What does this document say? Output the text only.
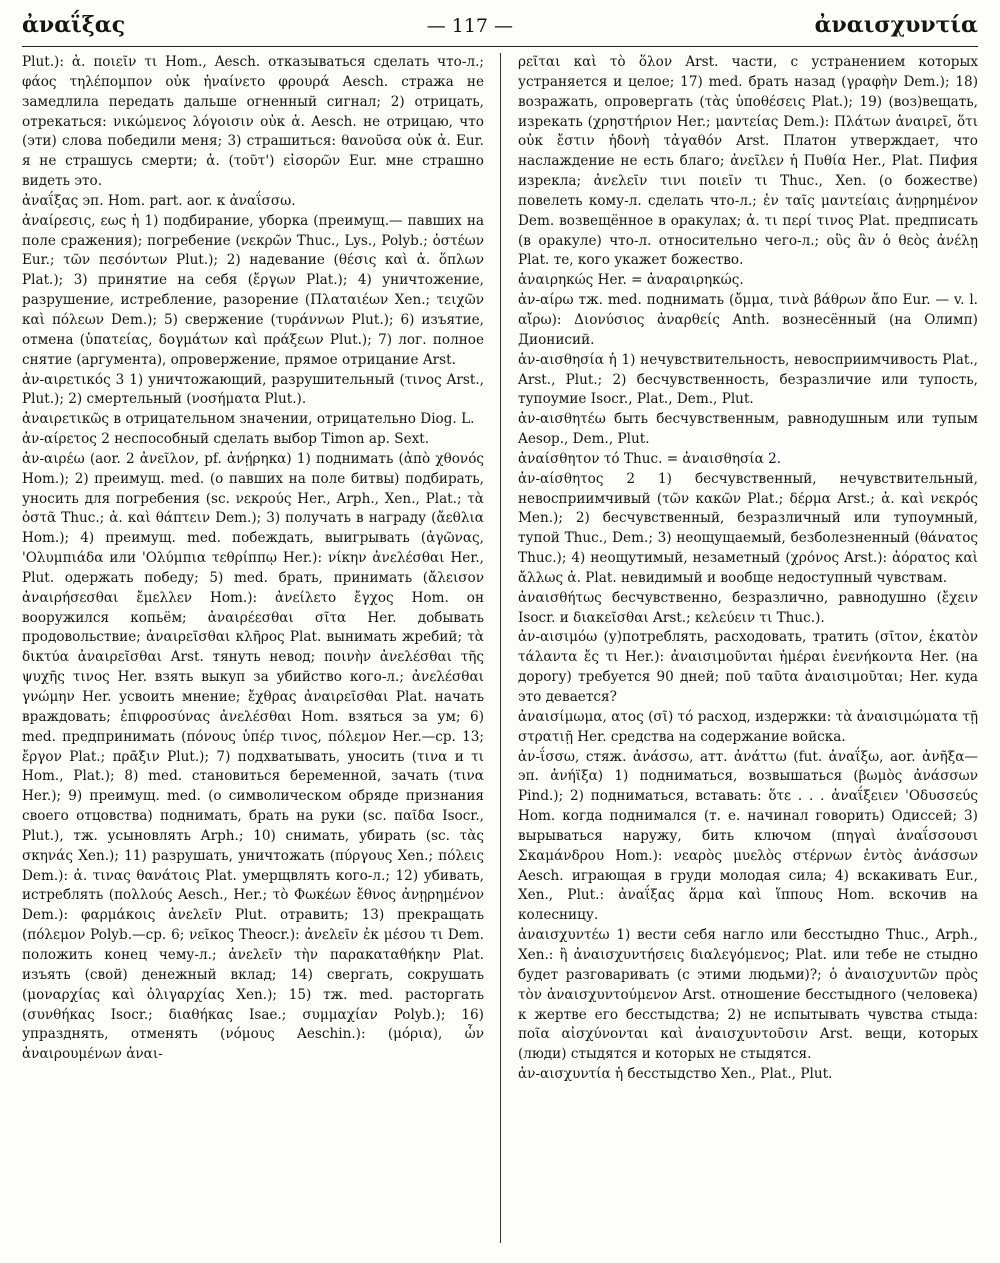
ἀναΐξας	— 117 —	ἀναισχυντία

Plut.): ἀ. ποιεῖν τι Hom., Aesch. отказываться сделать что-л.; φάος τηλέπομπον οὐκ ἠναίνετο φρουρά Aesch. стража не замедлила передать дальше огненный сигнал; 2) отрицать, отрекаться: νικώμενος λόγοισιν οὐκ ἀ. Aesch. не отрицаю, что (эти) слова победили меня; 3) страшиться: θανοῦσα οὐκ ἀ. Eur. я не страшусь смерти; ἀ. (τοῦτ') εἰσορῶν Eur. мне страшно видеть это.

ἀναΐξας эп. Hom. part. aor. к ἀναΐσσω.

ἀναίρεσις, εως ἡ 1) подбирание, уборка (преимущ.— павших на поле сражения); погребение (νεκρῶν Thuc., Lys., Polyb.; ὀστέων Eur.; τῶν πεσόντων Plut.); 2) надевание (θέσις καὶ ἀ. ὅπλων Plat.); 3) принятие на себя (ἔργων Plat.); 4) уничтожение, разрушение, истребление, разорение (Πλαταιέων Xen.; τειχῶν καὶ πόλεων Dem.); 5) свержение (τυράννων Plut.); 6) изъятие, отмена (ὑπατείας, δογμάτων καὶ πράξεων Plut.); 7) лог. полное снятие (аргумента), опровержение, прямое отрицание Arst.

ἀν-αιρετικός 3 1) уничтожающий, разрушительный (τινος Arst., Plut.); 2) смертельный (νοσήματα Plut.).

ἀναιρετικῶς в отрицательном значении, отрицательно Diog. L.

ἀν-αίρετος 2 неспособный сделать выбор Timon ap. Sext.

ἀν-αιρέω (aor. 2 ἀνεῖλον, pf. ἀνῄρηκα) 1) поднимать (ἀπὸ χθονός Hom.); 2) преимущ. med. (о павших на поле битвы) подбирать, уносить для погребения (sc. νεκρούς Her., Arph., Xen., Plat.; τὰ ὀστᾶ Thuc.; ἀ. καὶ θάπτειν Dem.); 3) получать в награду (ἄεθλια Hom.); 4) преимущ. med. побеждать, выигрывать (ἀγῶνας, 'Ολυμπιάδα или 'Ολύμπια τεθρίππῳ Her.): νίκην ἀνελέσθαι Her., Plut. одержать победу; 5) med. брать, принимать (ἄλεισον ἀναιρήσεσθαι ἔμελλεν Hom.): ἀνείλετο ἔγχος Hom. он вооружился копьём; ἀναιρέεσθαι σῖτα Her. добывать продовольствие; ἀναιρεῖσθαι κλῆρος Plat. вынимать жребий; τὰ δικτύα ἀναιρεῖσθαι Arst. тянуть невод; ποινὴν ἀνελέσθαι τῆς ψυχῆς τινος Her. взять выкуп за убийство кого-л.; ἀνελέσθαι γνώμην Her. усвоить мнение; ἔχθρας ἀναιρεῖσθαι Plat. начать враждовать; ἐπιφροσύνας ἀνελέσθαι Hom. взяться за ум; 6) med. предпринимать (πόνους ὑπέρ τινος, πόλεμον Her.—ср. 13; ἔργον Plat.; πρᾶξιν Plut.); 7) подхватывать, уносить (τινα и τι Hom., Plat.); 8) med. становиться беременной, зачать (τινα Her.); 9) преимущ. med. (о символическом обряде признания своего отцовства) поднимать, брать на руки (sc. παῖδα Isocr., Plut.), тж. усыновлять Arph.; 10) снимать, убирать (sc. τὰς σκηνάς Xen.); 11) разрушать, уничтожать (πύργους Xen.; πόλεις Dem.): ἀ. τινας θανάτοις Plat. умерщвлять кого-л.; 12) убивать, истреблять (πολλούς Aesch., Her.; τὸ Φωκέων ἔθνος ἀνῃρημένον Dem.): φαρμάκοις ἀνελεῖν Plut. отравить; 13) прекращать (πόλεμον Polyb.—ср. 6; νεῖκος Theocr.): ἀνελεῖν ἐκ μέσου τι Dem. положить конец чему-л.; ἀνελεῖν τὴν παρακαταθήκην Plat. изъять (свой) денежный вклад; 14) свергать, сокрушать (μοναρχίας καὶ ὀλιγαρχίας Xen.); 15) тж. med. расторгать (συνθήκας Isocr.; διαθήκας Isae.; συμμαχίαν Polyb.); 16) упразднять, отменять (νόμους Aeschin.): (μόρια), ὧν ἀναιρουμένων ἀναι-

ρεῖται καὶ τὸ ὅλον Arst. части, с устранением которых устраняется и целое; 17) med. брать назад (γραφὴν Dem.); 18) возражать, опровергать (τὰς ὑποθέσεις Plat.); 19) (воз)вещать, изрекать (χρηστήριον Her.; μαντείας Dem.): Πλάτων ἀναιρεῖ, ὅτι οὐκ ἔστιν ἡδονὴ τἀγαθόν Arst. Платон утверждает, что наслаждение не есть благо; ἀνεῖλεν ἡ Πυθία Her., Plat. Пифия изрекла; ἀνελεῖν τινι ποιεῖν τι Thuc., Xen. (о божестве) повелеть кому-л. сделать что-л.; ἐν ταῖς μαντείαις ἀνῃρημένον Dem. возвещённое в оракулах; ἀ. τι περί τινος Plat. предписать (в оракуле) что-л. относительно чего-л.; οὓς ἂν ὁ θεὸς ἀνέλῃ Plat. те, кого укажет божество.

ἀναιρηκώς Her. = ἀναραιρηκώς.

ἀν-αίρω тж. med. поднимать (ὄμμα, τινὰ βάθρων ἄπο Eur. — v. l. αἴρω): Διονύσιος ἀναρθείς Anth. вознесённый (на Олимп) Дионисий.

ἀν-αισθησία ἡ 1) нечувствительность, невосприимчивость Plat., Arst., Plut.; 2) бесчувственность, безразличие или тупость, тупоумие Isocr., Plat., Dem., Plut.

ἀν-αισθητέω быть бесчувственным, равнодушным или тупым Aesop., Dem., Plut.

ἀναίσθητον τό Thuc. = ἀναισθησία 2.

ἀν-αίσθητος 2 1) бесчувственный, нечувствительный, невосприимчивый (τῶν κακῶν Plat.; δέρμα Arst.; ἀ. καὶ νεκρός Men.); 2) бесчувственный, безразличный или тупоумный, тупой Thuc., Dem.; 3) неощущаемый, безболезненный (θάνατος Thuc.); 4) неощутимый, незаметный (χρόνος Arst.): ἀόρατος καὶ ἄλλως ἀ. Plat. невидимый и вообще недоступный чувствам.

ἀναισθήτως бесчувственно, безразлично, равнодушно (ἔχειν Isocr. и διακεῖσθαι Arst.; κελεύειν τι Thuc.).

ἀν-αισιμόω (у)потреблять, расходовать, тратить (σῖτον, ἑκατὸν τάλαντα ἔς τι Her.): ἀναισιμοῦνται ἡμέραι ἐνενήκοντα Her. (на дорогу) требуется 90 дней; ποῦ ταῦτα ἀναισιμοῦται; Her. куда это девается?

ἀναισίμωμα, ατος (σῖ) τό расход, издержки: τὰ ἀναισιμώματα τῇ στρατιῇ Her. средства на содержание войска.

ἀν-ΐσσω, стяж. ἀνάσσω, атт. ἀνάττω (fut. ἀναΐξω, aor. ἀνῆξα—эп. ἀνήϊξα) 1) подниматься, возвышаться (βωμὸς ἀνάσσων Pind.); 2) подниматься, вставать: ὅτε . . . ἀναΐξειεν 'Οδυσσεύς Hom. когда поднимался (т. е. начинал говорить) Одиссей; 3) вырываться наружу, бить ключом (πηγαὶ ἀναΐσσουσι Σκαμάνδρου Hom.): νεαρὸς μυελὸς στέρνων ἐντὸς ἀνάσσων Aesch. играющая в груди молодая сила; 4) вскакивать Eur., Xen., Plut.: ἀναΐξας ἅρμα καὶ ἵππους Hom. вскочив на колесницу.

ἀναισχυντέω 1) вести себя нагло или бесстыдно Thuc., Arph., Xen.: ἢ ἀναισχυντήσεις διαλεγόμενος; Plat. или тебе не стыдно будет разговаривать (с этими людьми)?; ὁ ἀναισχυντῶν πρὸς τὸν ἀναισχυντούμενον Arst. отношение бесстыдного (человека) к жертве его бесстыдства; 2) не испытывать чувства стыда: ποῖα αἰσχύνονται καὶ ἀναισχυντοῦσιν Arst. вещи, которых (люди) стыдятся и которых не стыдятся.

ἀν-αισχυντία ἡ бесстыдство Xen., Plat., Plut.
